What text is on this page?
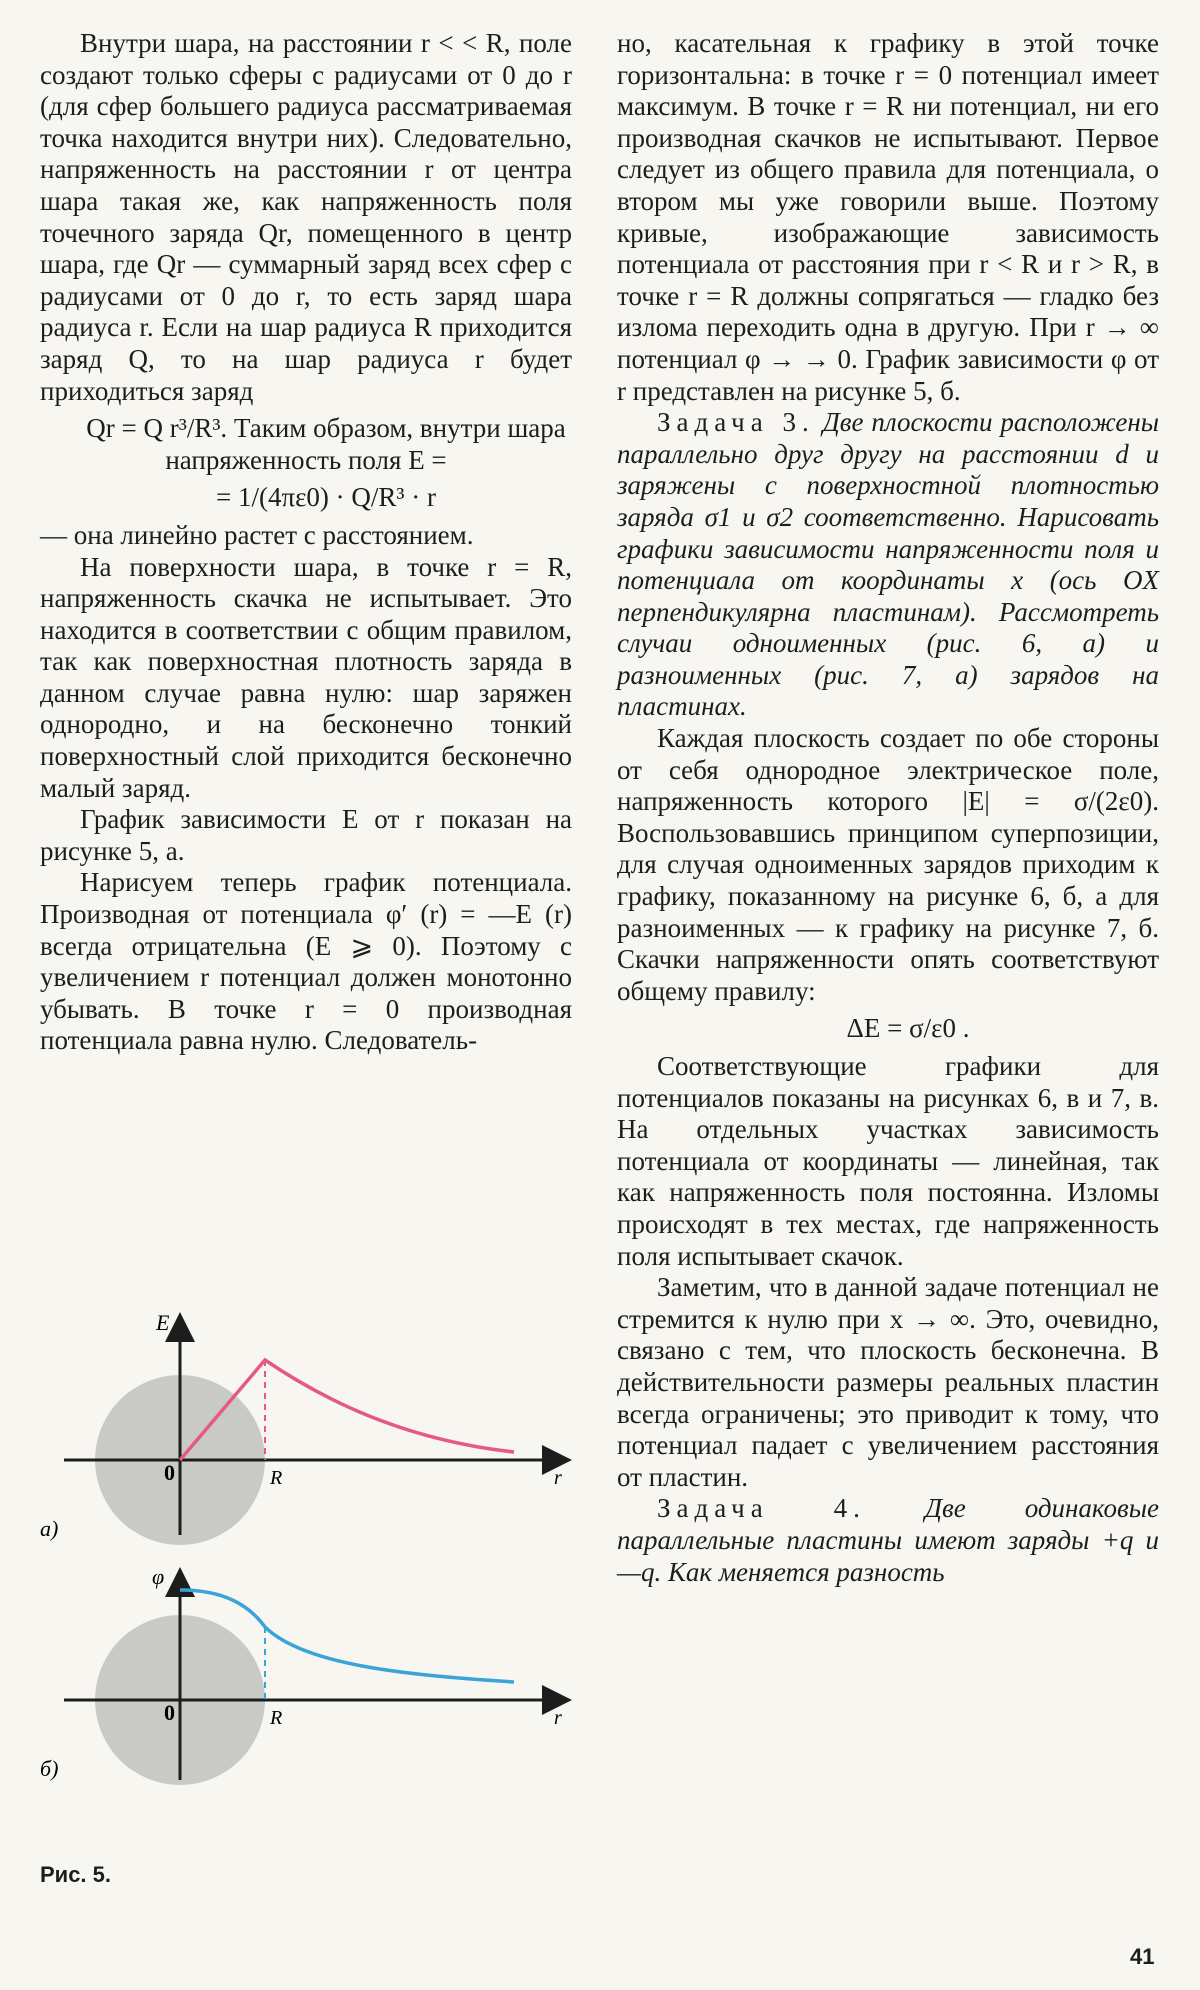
Внутри шара, на расстоянии r < < R, поле создают только сферы с радиусами от 0 до r (для сфер большего радиуса рассматриваемая точка находится внутри них). Следовательно, напряженность на расстоянии r от центра шара такая же, как напряженность поля точечного заряда Qr, помещенного в центр шара, где Qr — суммарный заряд всех сфер с радиусами от 0 до r, то есть заряд шара радиуса r. Если на шар радиуса R приходится заряд Q, то на шар радиуса r будет приходиться заряд
Qr = Q r³/R³. Таким образом, внутри шара напряженность поля E =
= 1/(4πε0) · Q/R³ · r
— она линейно растет с расстоянием.

На поверхности шара, в точке r = R, напряженность скачка не испытывает. Это находится в соответствии с общим правилом, так как поверхностная плотность заряда в данном случае равна нулю: шар заряжен однородно, и на бесконечно тонкий поверхностный слой приходится бесконечно малый заряд.

График зависимости E от r показан на рисунке 5, а.

Нарисуем теперь график потенциала. Производная от потенциала φ′ (r) = —E (r) всегда отрицательна (E ⩾ 0). Поэтому с увеличением r потенциал должен монотонно убывать. В точке r = 0 производная потенциала равна нулю. Следователь-

но, касательная к графику в этой точке горизонтальна: в точке r = 0 потенциал имеет максимум. В точке r = R ни потенциал, ни его производная скачков не испытывают. Первое следует из общего правила для потенциала, о втором мы уже говорили выше. Поэтому кривые, изображающие зависимость потенциала от расстояния при r < R и r > R, в точке r = R должны сопрягаться — гладко без излома переходить одна в другую. При r → ∞ потенциал φ → → 0. График зависимости φ от r представлен на рисунке 5, б.

Задача 3. Две плоскости расположены параллельно друг другу на расстоянии d и заряжены с поверхностной плотностью заряда σ1 и σ2 соответственно. Нарисовать графики зависимости напряженности поля и потенциала от координаты x (ось OX перпендикулярна пластинам). Рассмотреть случаи одноименных (рис. 6, а) и разноименных (рис. 7, а) зарядов на пластинах.

Каждая плоскость создает по обе стороны от себя однородное электрическое поле, напряженность которого |E| = σ/(2ε0). Воспользовавшись принципом суперпозиции, для случая одноименных зарядов приходим к графику, показанному на рисунке 6, б, а для разноименных — к графику на рисунке 7, б. Скачки напряженности опять соответствуют общему правилу:
ΔE = σ/ε0 .

Соответствующие графики для потенциалов показаны на рисунках 6, в и 7, в. На отдельных участках зависимость потенциала от координаты — линейная, так как напряженность поля постоянна. Изломы происходят в тех местах, где напряженность поля испытывает скачок.

Заметим, что в данной задаче потенциал не стремится к нулю при x → ∞. Это, очевидно, связано с тем, что плоскость бесконечна. В действительности размеры реальных пластин всегда ограничены; это приводит к тому, что потенциал падает с увеличением расстояния от пластин.

Задача 4. Две одинаковые параллельные пластины имеют заряды +q и —q. Как меняется разность

E
0	R	r
а)
φ
0	R	r
б)
Рис. 5.
41
